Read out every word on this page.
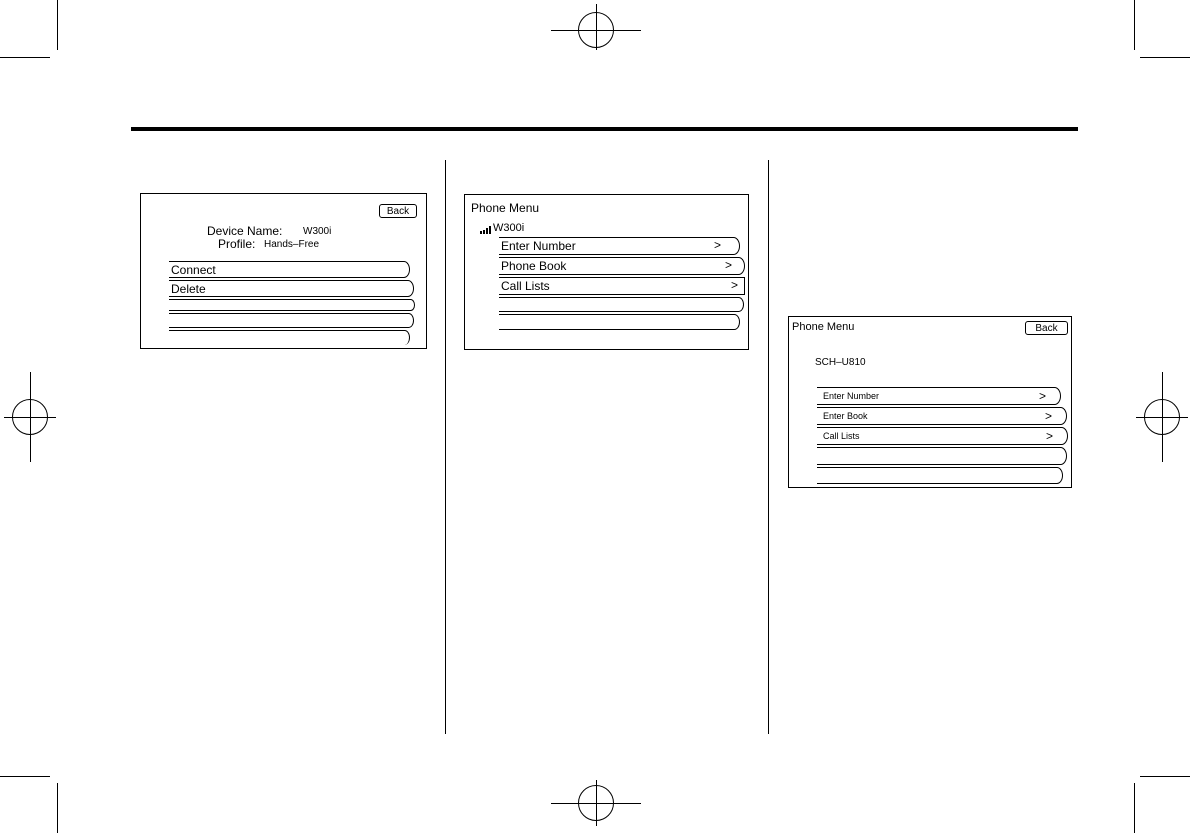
Back
Device Name: W300i
Profile: Hands–Free
Connect
Delete
Phone Menu
W300i
Enter Number	>
Phone Book	>
Call Lists	>
Phone Menu	Back
SCH–U810
Enter Number	>
Enter Book	>
Call Lists	>
